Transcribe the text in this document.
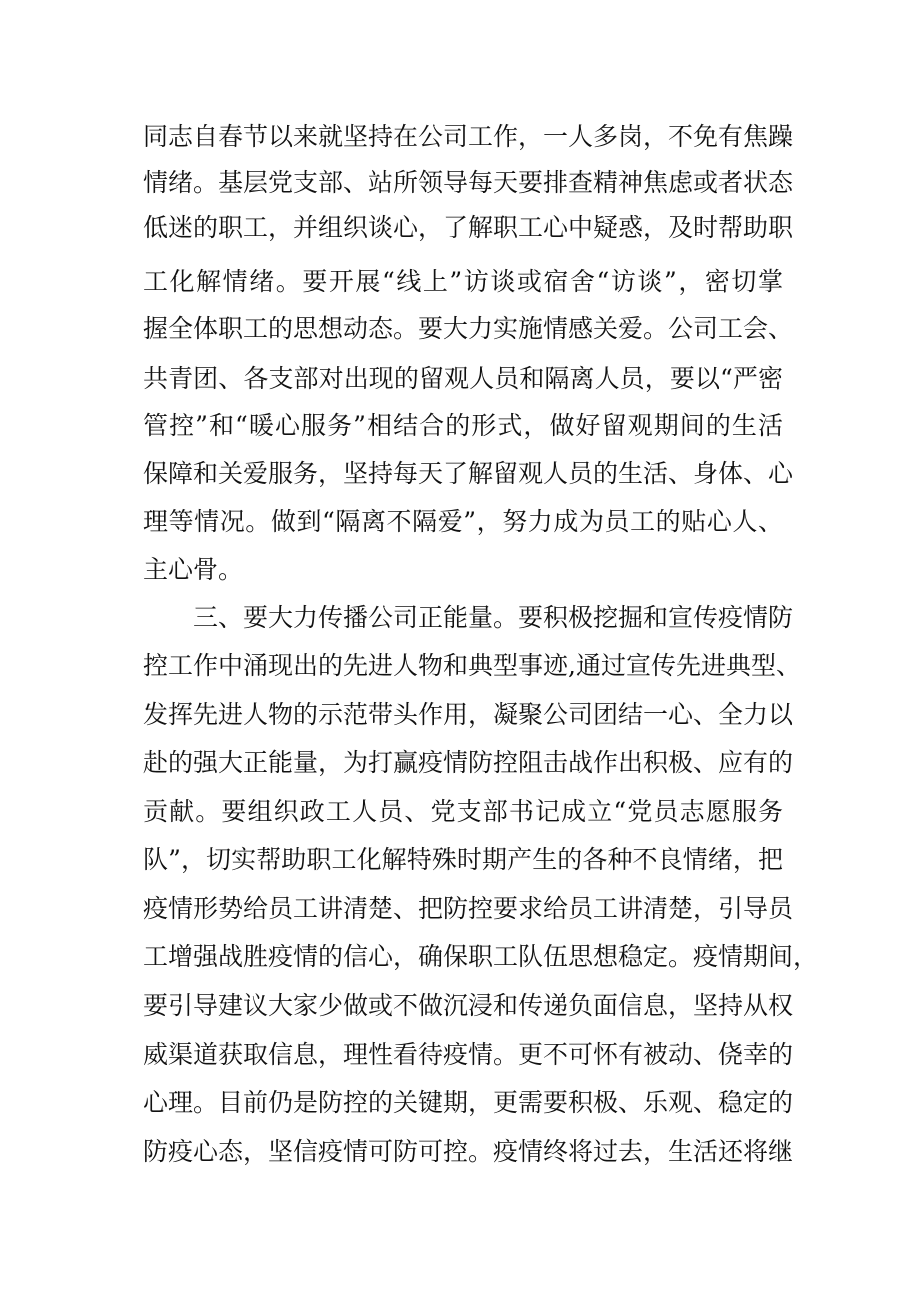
同志自春节以来就坚持在公司工作，一人多岗，不免有焦躁
情绪。基层党支部、站所领导每天要排查精神焦虑或者状态
低迷的职工，并组织谈心，了解职工心中疑惑，及时帮助职
工化解情绪。要开展“线上”访谈或宿舍“访谈”，密切掌
握全体职工的思想动态。要大力实施情感关爱。公司工会、
共青团、各支部对出现的留观人员和隔离人员，要以“严密
管控”和“暖心服务”相结合的形式，做好留观期间的生活
保障和关爱服务，坚持每天了解留观人员的生活、身体、心
理等情况。做到“隔离不隔爱”，努力成为员工的贴心人、
主心骨。
三、要大力传播公司正能量。要积极挖掘和宣传疫情防
控工作中涌现出的先进人物和典型事迹,通过宣传先进典型、
发挥先进人物的示范带头作用，凝聚公司团结一心、全力以
赴的强大正能量，为打赢疫情防控阻击战作出积极、应有的
贡献。要组织政工人员、党支部书记成立“党员志愿服务
队”，切实帮助职工化解特殊时期产生的各种不良情绪，把
疫情形势给员工讲清楚、把防控要求给员工讲清楚，引导员
工增强战胜疫情的信心，确保职工队伍思想稳定。疫情期间，
要引导建议大家少做或不做沉浸和传递负面信息，坚持从权
威渠道获取信息，理性看待疫情。更不可怀有被动、侥幸的
心理。目前仍是防控的关键期，更需要积极、乐观、稳定的
防疫心态，坚信疫情可防可控。疫情终将过去，生活还将继
